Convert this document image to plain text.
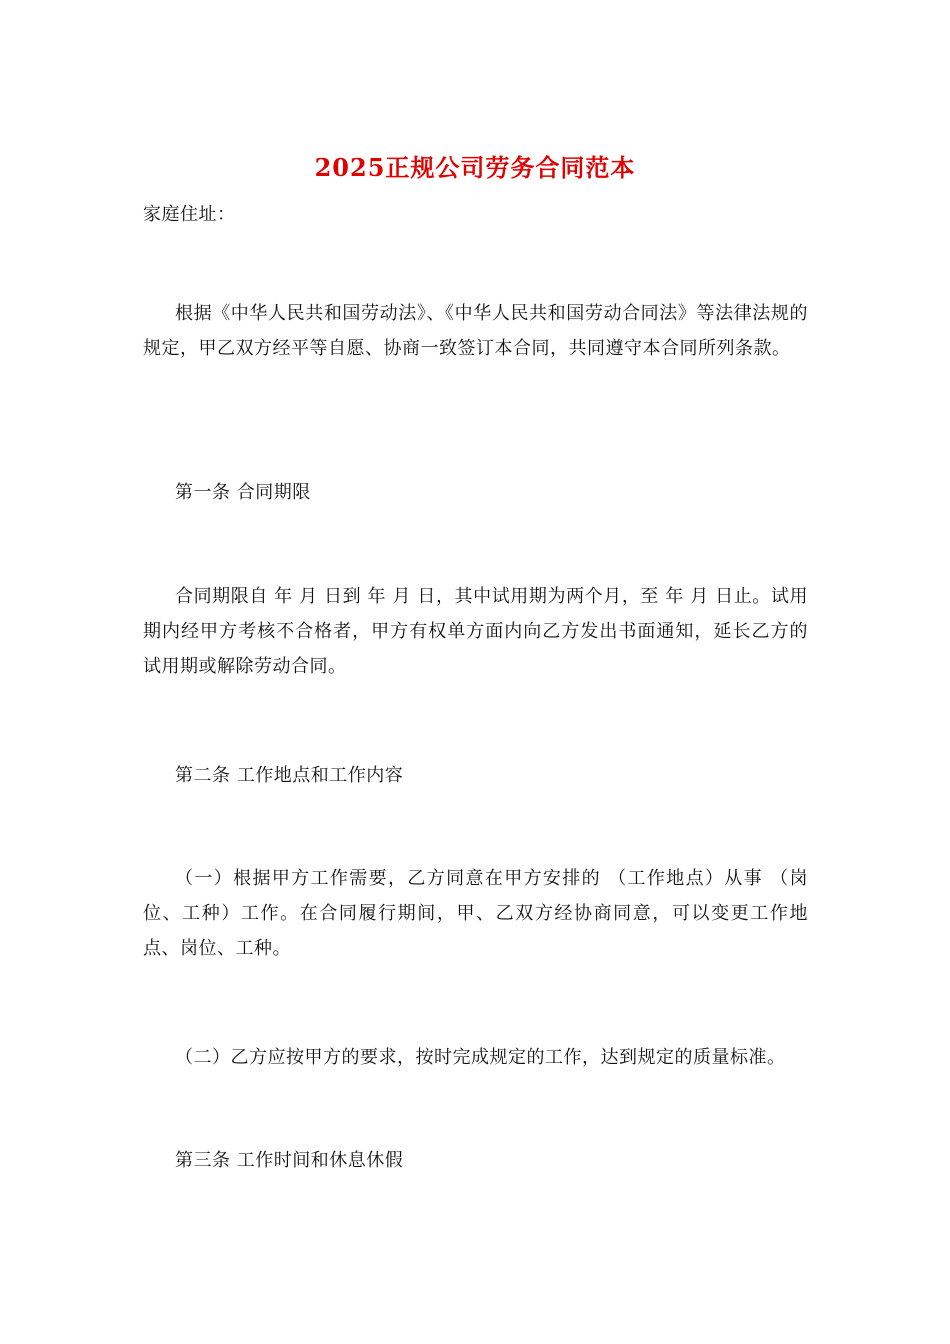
2025正规公司劳务合同范本
家庭住址：
根据《中华人民共和国劳动法》、《中华人民共和国劳动合同法》等法律法规的规定，甲乙双方经平等自愿、协商一致签订本合同，共同遵守本合同所列条款。
第一条 合同期限
合同期限自 年 月 日到 年 月 日，其中试用期为两个月，至 年 月 日止。试用期内经甲方考核不合格者，甲方有权单方面内向乙方发出书面通知，延长乙方的试用期或解除劳动合同。
第二条 工作地点和工作内容
（一）根据甲方工作需要，乙方同意在甲方安排的 （工作地点）从事 （岗位、工种）工作。在合同履行期间，甲、乙双方经协商同意，可以变更工作地点、岗位、工种。
（二）乙方应按甲方的要求，按时完成规定的工作，达到规定的质量标准。
第三条 工作时间和休息休假
